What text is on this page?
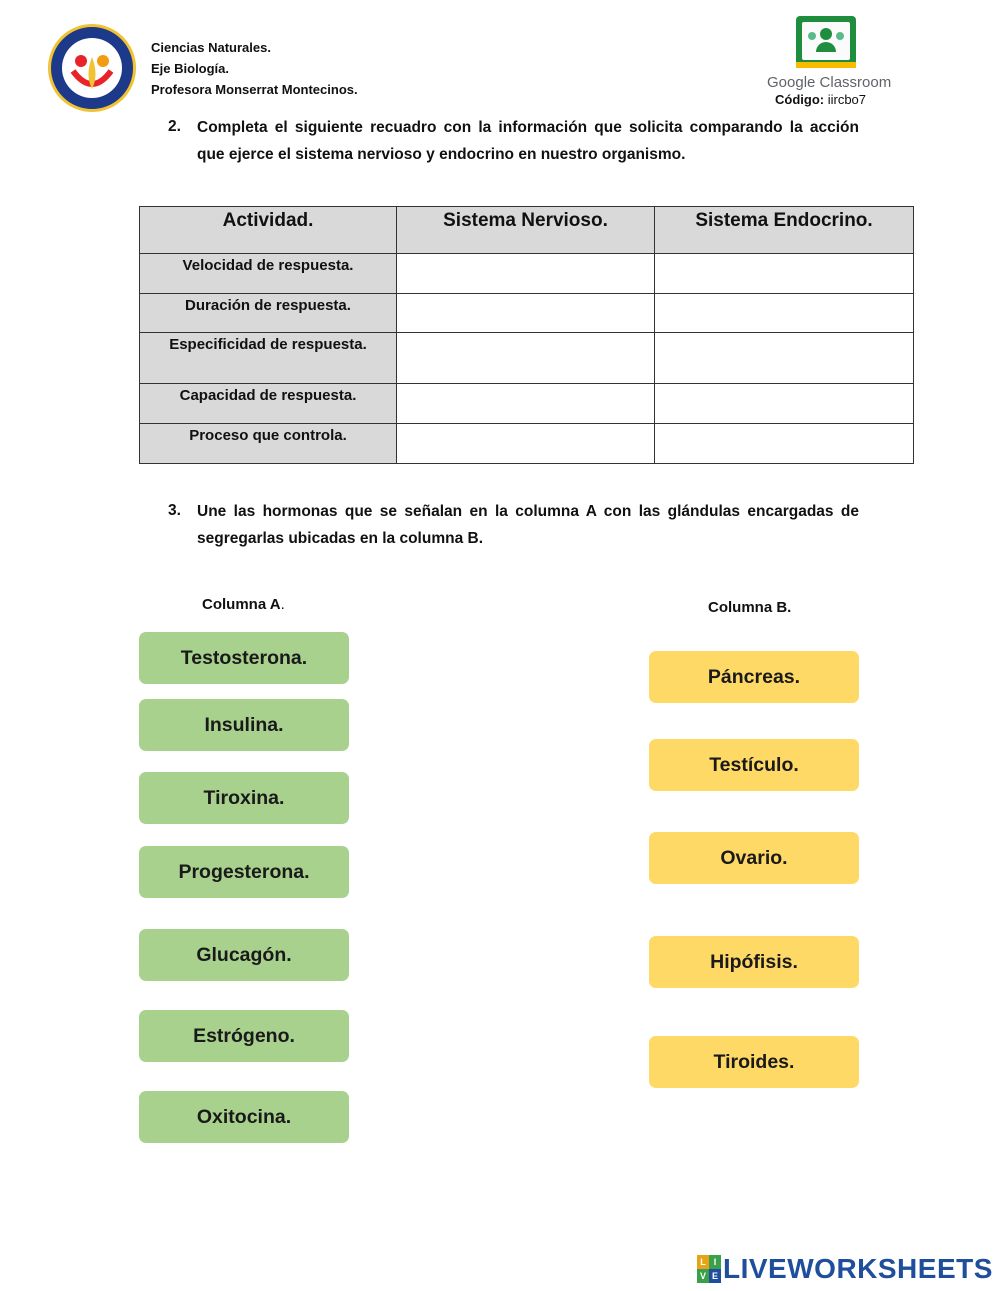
Ciencias Naturales.
Eje Biología.
Profesora Monserrat Montecinos.	Google Classroom
Código: iircbo7
2. Completa el siguiente recuadro con la información que solicita comparando la acción que ejerce el sistema nervioso y endocrino en nuestro organismo.
Actividad.	Sistema Nervioso.	Sistema Endocrino.
Velocidad de respuesta.		
Duración de respuesta.		
Especificidad de respuesta.		
Capacidad de respuesta.		
Proceso que controla.		
3. Une las hormonas que se señalan en la columna A con las glándulas encargadas de segregarlas ubicadas en la columna B.
Columna A.	Columna B.
Testosterona.
Insulina.
Tiroxina.
Progesterona.
Glucagón.
Estrógeno.
Oxitocina.
Páncreas.
Testículo.
Ovario.
Hipófisis.
Tiroides.
L I
V E LIVEWORKSHEETS
